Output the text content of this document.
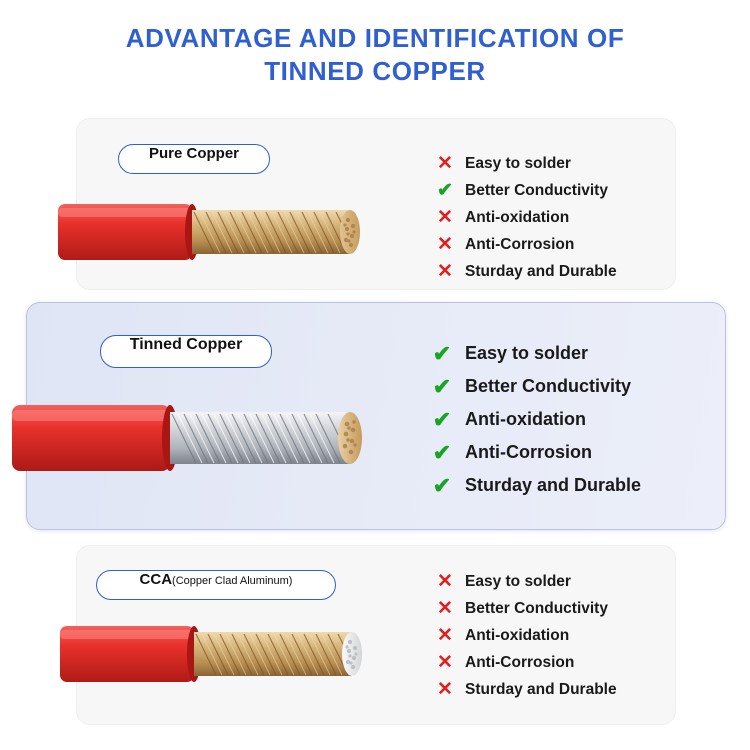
ADVANTAGE AND IDENTIFICATION OF
TINNED COPPER
Pure Copper	✕ Easy to solder
✔ Better Conductivity
✕ Anti-oxidation
✕ Anti-Corrosion
✕ Sturday and Durable
Tinned Copper	✔ Easy to solder
✔ Better Conductivity
✔ Anti-oxidation
✔ Anti-Corrosion
✔ Sturday and Durable
CCA (Copper Clad Aluminum)	✕ Easy to solder
✕ Better Conductivity
✕ Anti-oxidation
✕ Anti-Corrosion
✕ Sturday and Durable
